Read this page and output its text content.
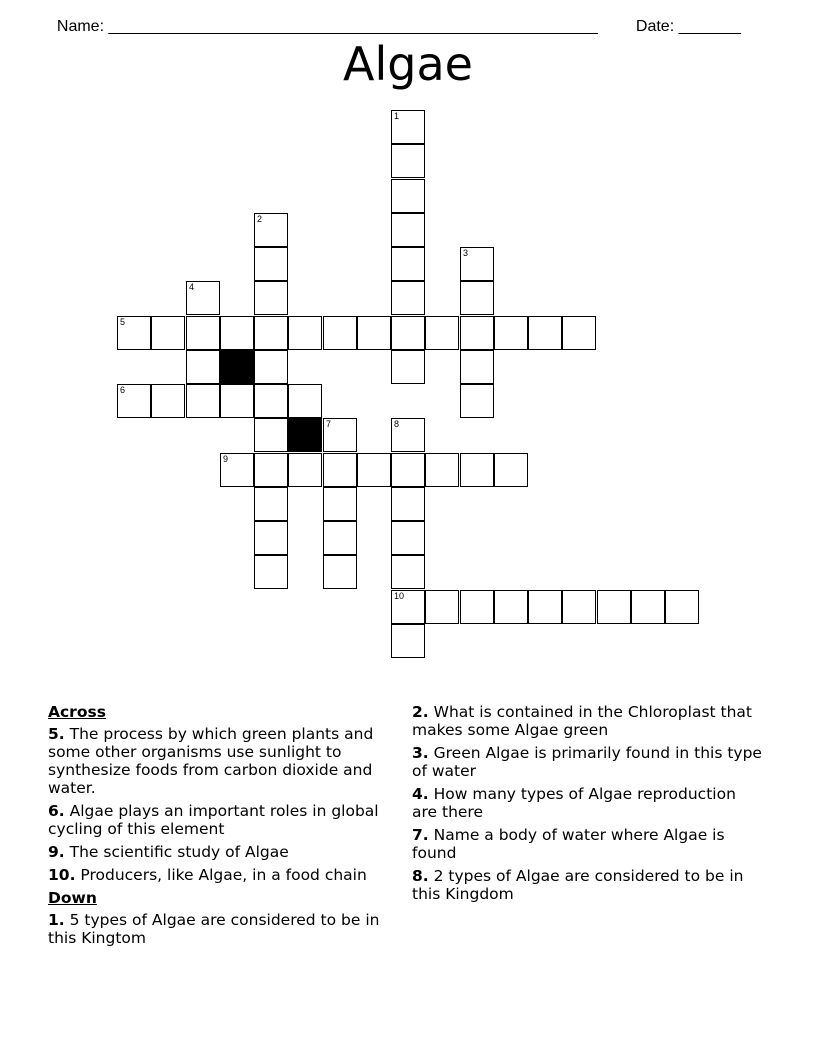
Name: _______________________________________________________	Date: _______

Algae
1
2
3
4
5
6
7	8
10
9
Across
5. The process by which green plants and some other organisms use sunlight to synthesize foods from carbon dioxide and water.
6. Algae plays an important roles in global cycling of this element
9. The scientific study of Algae
10. Producers, like Algae, in a food chain
Down
1. 5 types of Algae are considered to be in this Kingtom
2. What is contained in the Chloroplast that makes some Algae green
3. Green Algae is primarily found in this type of water
4. How many types of Algae reproduction are there
7. Name a body of water where Algae is found
8. 2 types of Algae are considered to be in this Kingdom
